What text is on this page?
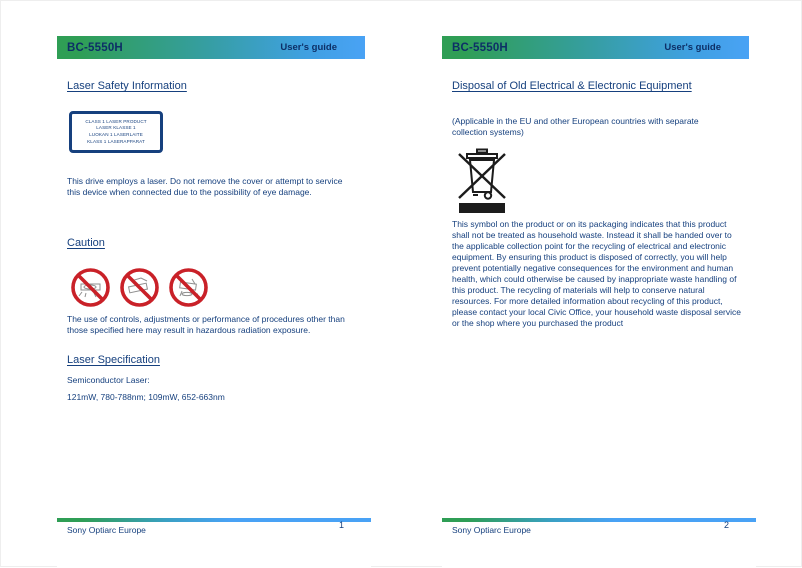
BC-5550H	User's guide
Laser Safety Information
CLASS 1 LASER PRODUCT
LASER KLASSE 1
LUOKAN 1 LASERLAITE
KLASS 1 LASERAPPARAT

This drive employs a laser. Do not remove the cover or attempt to service this device when connected due to the possibility of eye damage.

Caution

The use of controls, adjustments or performance of procedures other than those specified here may result in hazardous radiation exposure.

Laser Specification

Semiconductor Laser:

121mW, 780-788nm; 109mW, 652-663nm

Sony Optiarc Europe	1

BC-5550H	User's guide
Disposal of Old Electrical & Electronic Equipment

(Applicable in the EU and other European countries with separate collection systems)

This symbol on the product or on its packaging indicates that this product shall not be treated as household waste. Instead it shall be handed over to the applicable collection point for the recycling of electrical and electronic equipment. By ensuring this product is disposed of correctly, you will help prevent potentially negative consequences for the environment and human health, which could otherwise be caused by inappropriate waste handling of this product. The recycling of materials will help to conserve natural resources. For more detailed information about recycling of this product, please contact your local Civic Office, your household waste disposal service or the shop where you purchased the product

Sony Optiarc Europe	2
